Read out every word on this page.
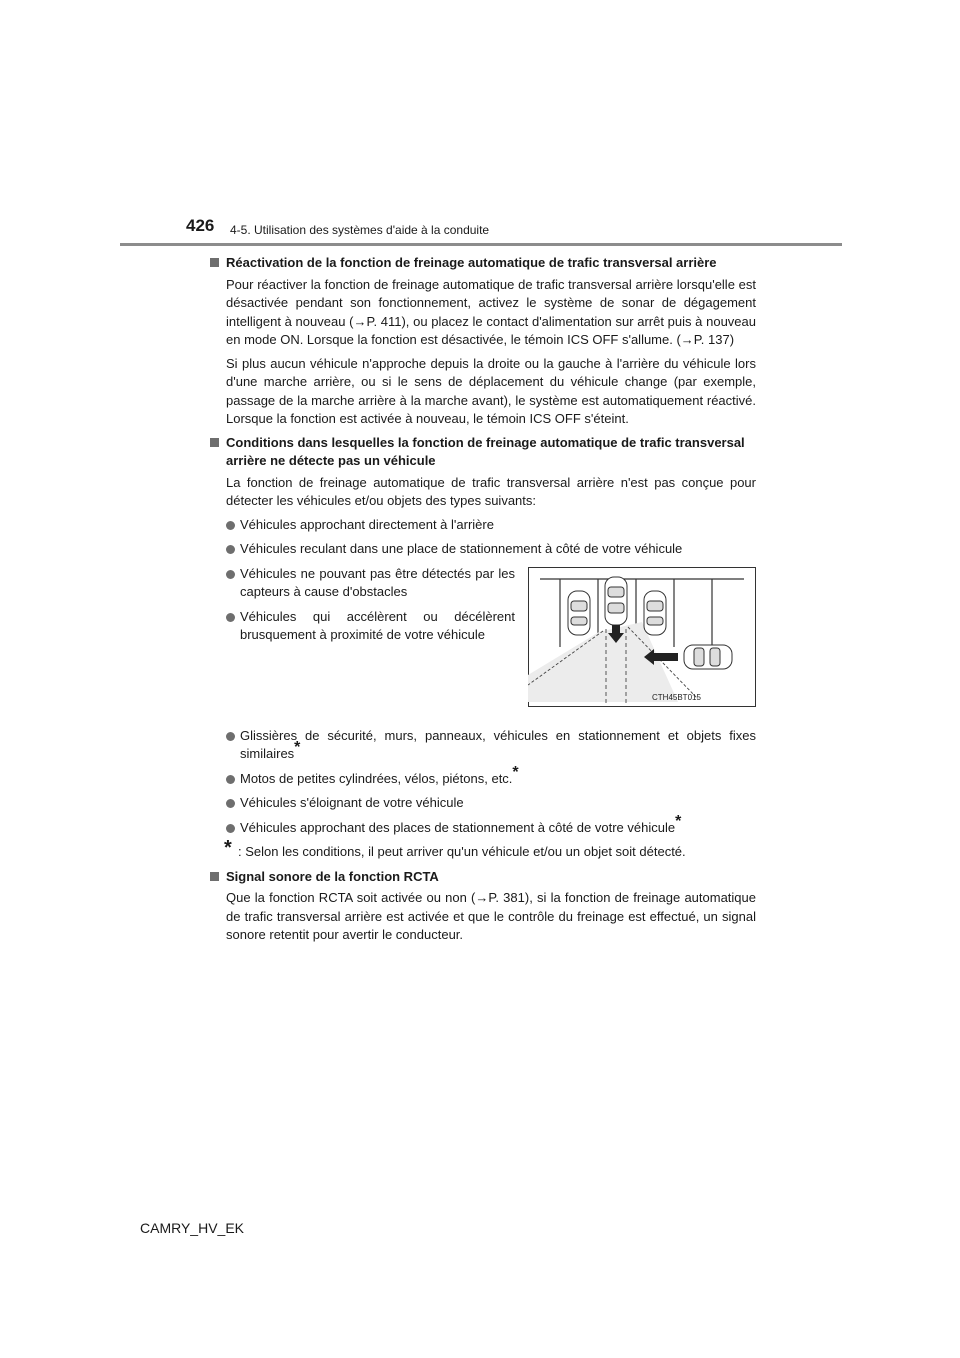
426 4-5. Utilisation des systèmes d'aide à la conduite
Réactivation de la fonction de freinage automatique de trafic transversal arrière
Pour réactiver la fonction de freinage automatique de trafic transversal arrière lorsqu'elle est désactivée pendant son fonctionnement, activez le système de sonar de dégagement intelligent à nouveau (→P. 411), ou placez le contact d'alimentation sur arrêt puis à nouveau en mode ON. Lorsque la fonction est désactivée, le témoin ICS OFF s'allume. (→P. 137)
Si plus aucun véhicule n'approche depuis la droite ou la gauche à l'arrière du véhicule lors d'une marche arrière, ou si le sens de déplacement du véhicule change (par exemple, passage de la marche arrière à la marche avant), le système est automatiquement réactivé. Lorsque la fonction est activée à nouveau, le témoin ICS OFF s'éteint.
Conditions dans lesquelles la fonction de freinage automatique de trafic transversal arrière ne détecte pas un véhicule
La fonction de freinage automatique de trafic transversal arrière n'est pas conçue pour détecter les véhicules et/ou objets des types suivants:
Véhicules approchant directement à l'arrière
Véhicules reculant dans une place de stationnement à côté de votre véhicule
Véhicules ne pouvant pas être détectés par les capteurs à cause d'obstacles
Véhicules qui accélèrent ou décélèrent brusquement à proximité de votre véhicule
CTH45BT015
Glissières de sécurité, murs, panneaux, véhicules en stationnement et objets fixes similaires*
Motos de petites cylindrées, vélos, piétons, etc.*
Véhicules s'éloignant de votre véhicule
Véhicules approchant des places de stationnement à côté de votre véhicule*
* : Selon les conditions, il peut arriver qu'un véhicule et/ou un objet soit détecté.
Signal sonore de la fonction RCTA
Que la fonction RCTA soit activée ou non (→P. 381), si la fonction de freinage automatique de trafic transversal arrière est activée et que le contrôle du freinage est effectué, un signal sonore retentit pour avertir le conducteur.
CAMRY_HV_EK
